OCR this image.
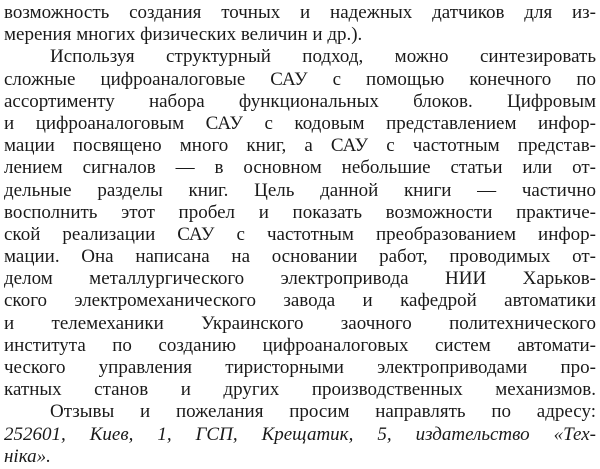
возможность создания точных и надежных датчиков для из-
мерения многих физических величин и др.).
Используя структурный подход, можно синтезировать
сложные цифроаналоговые САУ с помощью конечного по
ассортименту набора функциональных блоков. Цифровым
и цифроаналоговым САУ с кодовым представлением инфор-
мации посвящено много книг, а САУ с частотным представ-
лением сигналов — в основном небольшие статьи или от-
дельные разделы книг. Цель данной книги — частично
восполнить этот пробел и показать возможности практиче-
ской реализации САУ с частотным преобразованием инфор-
мации. Она написана на основании работ, проводимых от-
делом металлургического электропривода НИИ Харьков-
ского электромеханического завода и кафедрой автоматики
и телемеханики Украинского заочного политехнического
института по созданию цифроаналоговых систем автомати-
ческого управления тиристорными электроприводами про-
катных станов и других производственных механизмов.
Отзывы и пожелания просим направлять по адресу:
252601, Киев, 1, ГСП, Крещатик, 5, издательство «Тех-
ніка».
